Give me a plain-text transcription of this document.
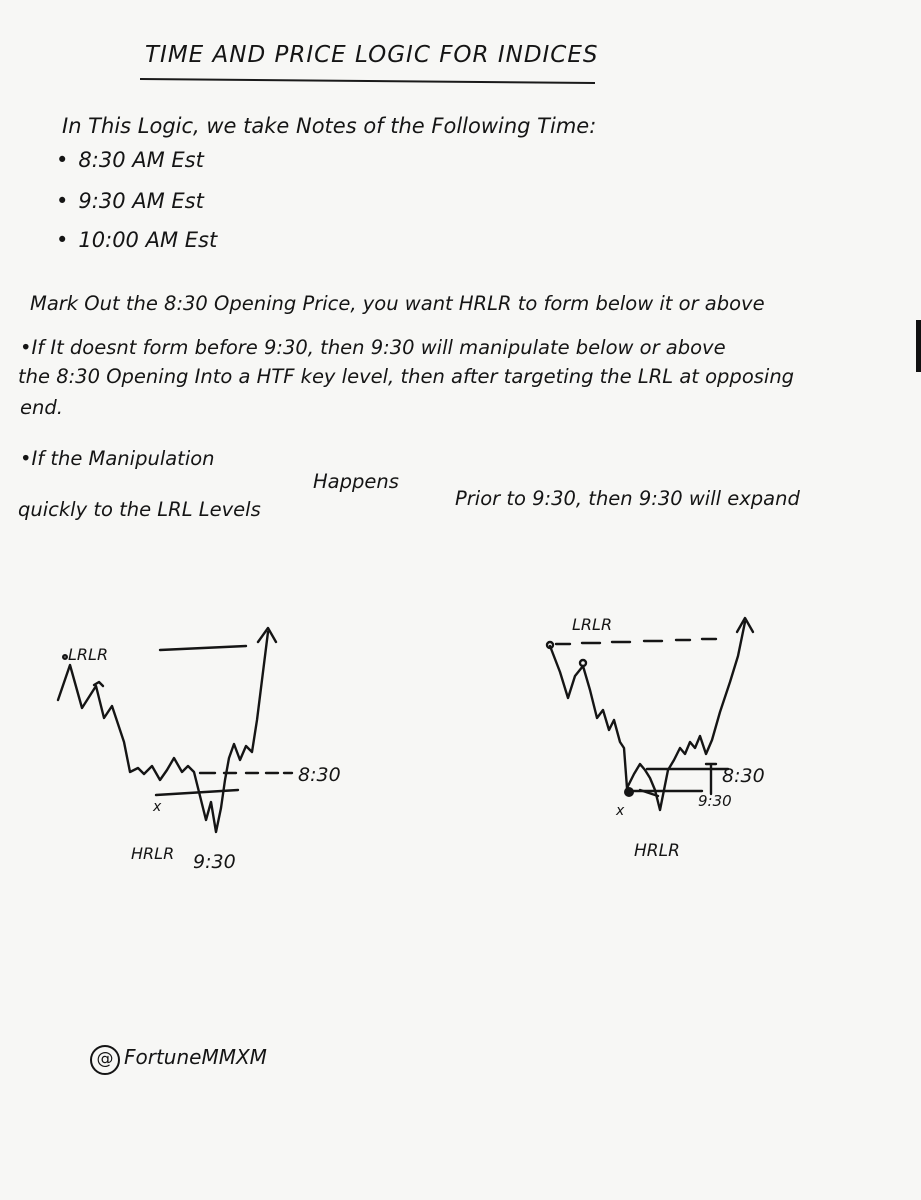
TIME AND PRICE LOGIC FOR INDICES
In This Logic, we take Notes of the Following Time:
• 8:30 AM Est
• 9:30 AM Est
• 10:00 AM Est
Mark Out the 8:30 Opening Price, you want HRLR to form below it or above
•If It doesnt form before 9:30, then 9:30 will manipulate below or above
the 8:30 Opening Into a HTF key level, then after targeting the LRL at opposing
end.
•If the Manipulation
Happens
Prior to 9:30, then 9:30 will expand
quickly to the LRL Levels
LRLR
8:30
x
HRLR 9:30
LRLR
8:30
9:30
x
HRLR
@ FortuneMMXM
